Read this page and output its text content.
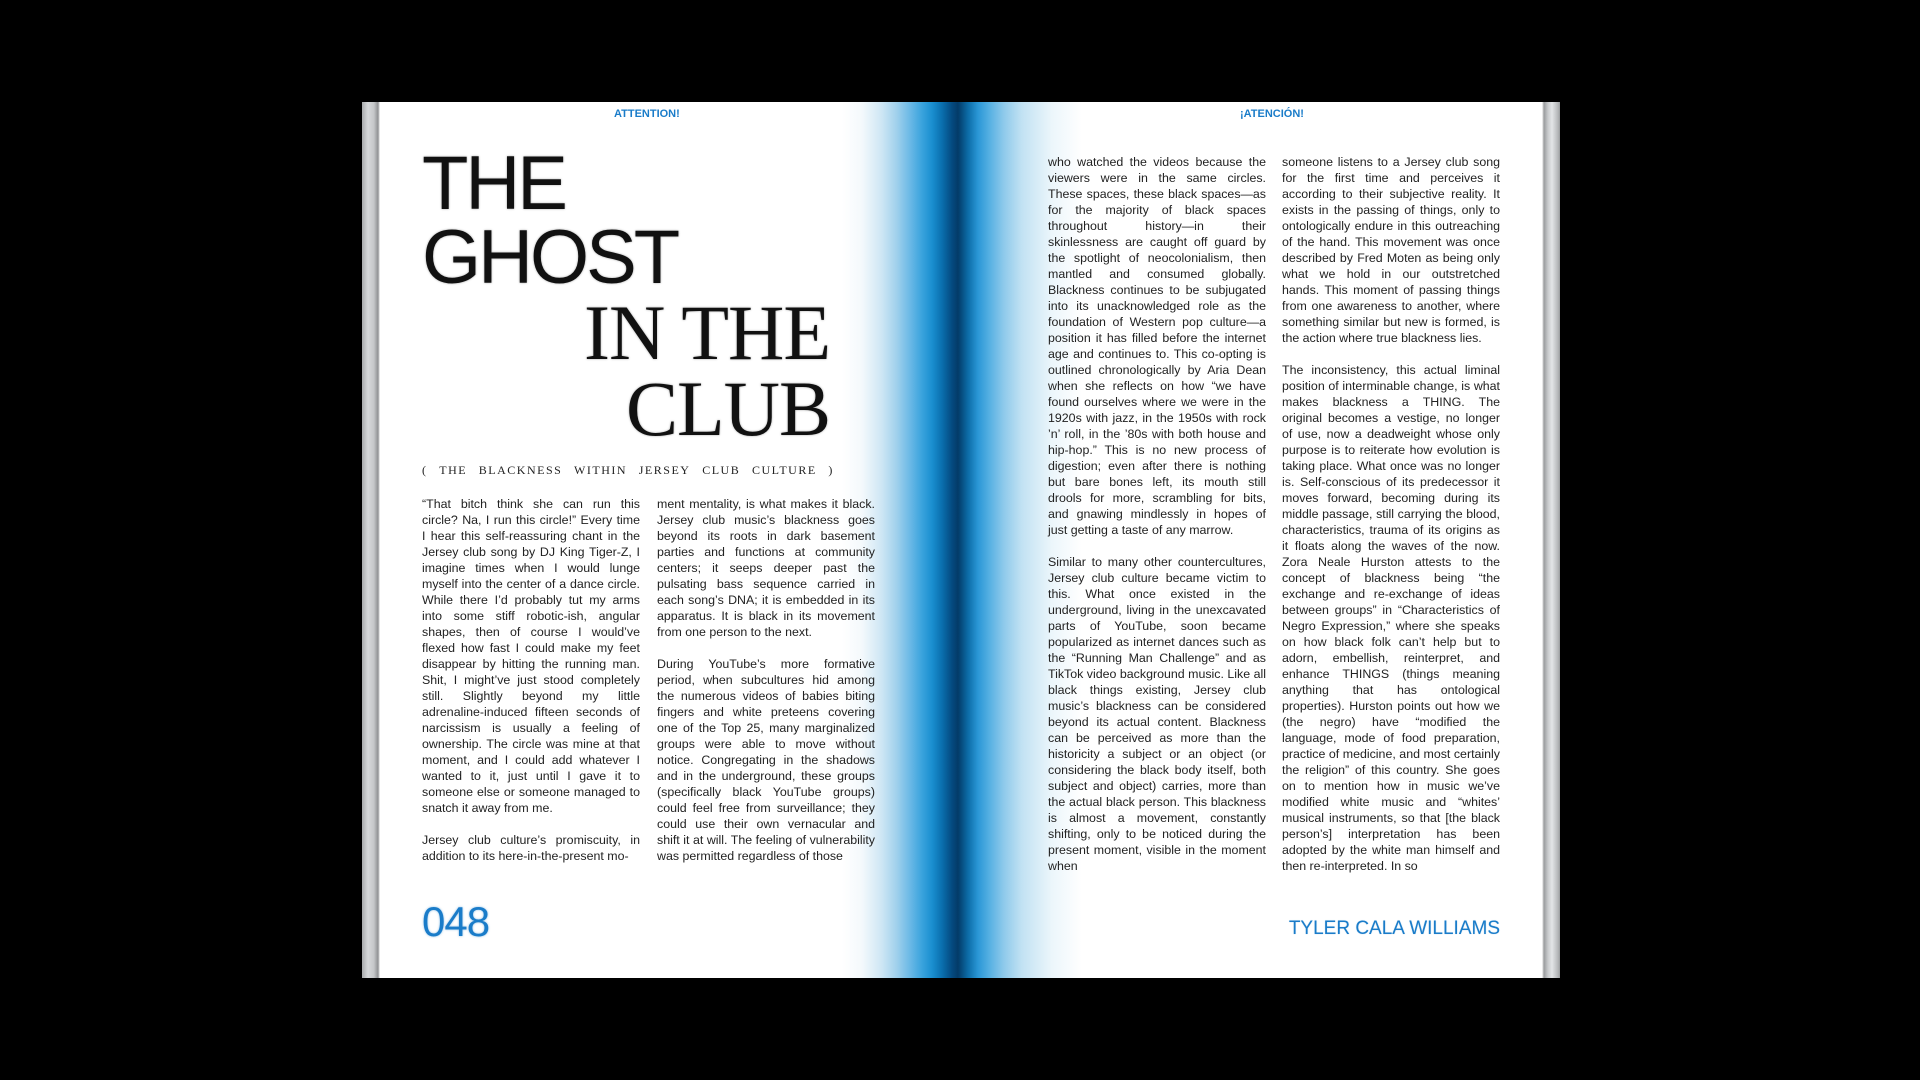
ATTENTION!	¡ATENCIÓN!
THE
GHOST
IN THE
CLUB
( THE BLACKNESS WITHIN JERSEY CLUB CULTURE )

“That bitch think she can run this circle? Na, I run this circle!” Every time I hear this self-reassuring chant in the Jersey club song by DJ King Tiger-Z, I imagine times when I would lunge myself into the center of a dance circle. While there I’d probably tut my arms into some stiff robotic-ish, angular shapes, then of course I would’ve flexed how fast I could make my feet disappear by hitting the running man. Shit, I might’ve just stood completely still. Slightly beyond my little adrenaline-induced fifteen seconds of narcissism is usually a feeling of ownership. The circle was mine at that moment, and I could add whatever I wanted to it, just until I gave it to someone else or someone managed to snatch it away from me.

Jersey club culture’s promiscuity, in addition to its here-in-the-present mo-

ment mentality, is what makes it black. Jersey club music’s blackness goes beyond its roots in dark basement parties and functions at community centers; it seeps deeper past the pulsating bass sequence carried in each song’s DNA; it is embedded in its apparatus. It is black in its movement from one person to the next.

During YouTube’s more formative period, when subcultures hid among the numerous videos of babies biting fingers and white preteens covering one of the Top 25, many marginalized groups were able to move without notice. Congregating in the shadows and in the underground, these groups (specifically black YouTube groups) could feel free from surveillance; they could use their own vernacular and shift it at will. The feeling of vulnerability was permitted regardless of those

who watched the videos because the viewers were in the same circles. These spaces, these black spaces—as for the majority of black spaces throughout history—in their skinlessness are caught off guard by the spotlight of neocolonialism, then mantled and consumed globally. Blackness continues to be subjugated into its unacknowledged role as the foundation of Western pop culture—a position it has filled before the internet age and continues to. This co-opting is outlined chronologically by Aria Dean when she reflects on how “we have found ourselves where we were in the 1920s with jazz, in the 1950s with rock ’n’ roll, in the ’80s with both house and hip-hop.” This is no new process of digestion; even after there is nothing but bare bones left, its mouth still drools for more, scrambling for bits, and gnawing mindlessly in hopes of just getting a taste of any marrow.

Similar to many other countercultures, Jersey club culture became victim to this. What once existed in the underground, living in the unexcavated parts of YouTube, soon became popularized as internet dances such as the “Running Man Challenge” and as TikTok video background music. Like all black things existing, Jersey club music’s blackness can be considered beyond its actual content. Blackness can be perceived as more than the historicity a subject or an object (or considering the black body itself, both subject and object) carries, more than the actual black person. This blackness is almost a movement, constantly shifting, only to be noticed during the present moment, visible in the moment when

someone listens to a Jersey club song for the first time and perceives it according to their subjective reality. It exists in the passing of things, only to ontologically endure in this outreaching of the hand. This movement was once described by Fred Moten as being only what we hold in our outstretched hands. This moment of passing things from one awareness to another, where something similar but new is formed, is the action where true blackness lies.

The inconsistency, this actual liminal position of interminable change, is what makes blackness a THING. The original becomes a vestige, no longer of use, now a deadweight whose only purpose is to reiterate how evolution is taking place. What once was no longer is. Self-conscious of its predecessor it moves forward, becoming during its middle passage, still carrying the blood, characteristics, trauma of its origins as it floats along the waves of the now. Zora Neale Hurston attests to the concept of blackness being “the exchange and re-exchange of ideas between groups” in “Characteristics of Negro Expression,” where she speaks on how black folk can’t help but to adorn, embellish, reinterpret, and enhance THINGS (things meaning anything that has ontological properties). Hurston points out how we (the negro) have “modified the language, mode of food preparation, practice of medicine, and most certainly the religion” of this country. She goes on to mention how in music we’ve modified white music and “whites’ musical instruments, so that [the black person’s] interpretation has been adopted by the white man himself and then re-interpreted. In so

048	TYLER CALA WILLIAMS
